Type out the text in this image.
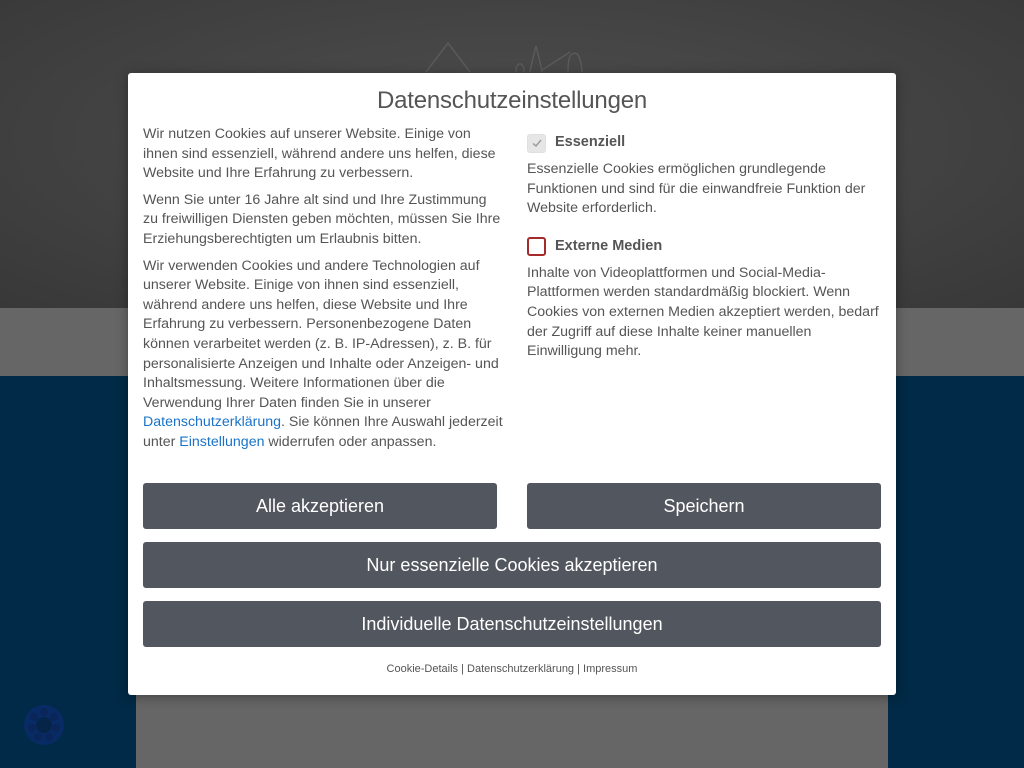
Datenschutzeinstellungen

Wir nutzen Cookies auf unserer Website. Einige von ihnen sind essenziell, während andere uns helfen, diese Website und Ihre Erfahrung zu verbessern.

Wenn Sie unter 16 Jahre alt sind und Ihre Zustimmung zu freiwilligen Diensten geben möchten, müssen Sie Ihre Erziehungsberechtigten um Erlaubnis bitten.

Wir verwenden Cookies und andere Technologien auf unserer Website. Einige von ihnen sind essenziell, während andere uns helfen, diese Website und Ihre Erfahrung zu verbessern. Personenbezogene Daten können verarbeitet werden (z. B. IP-Adressen), z. B. für personalisierte Anzeigen und Inhalte oder Anzeigen- und Inhaltsmessung. Weitere Informationen über die Verwendung Ihrer Daten finden Sie in unserer Datenschutzerklärung. Sie können Ihre Auswahl jederzeit unter Einstellungen widerrufen oder anpassen.

Essenziell
Essenzielle Cookies ermöglichen grundlegende Funktionen und sind für die einwandfreie Funktion der Website erforderlich.
Externe Medien
Inhalte von Videoplattformen und Social-Media-Plattformen werden standardmäßig blockiert. Wenn Cookies von externen Medien akzeptiert werden, bedarf der Zugriff auf diese Inhalte keiner manuellen Einwilligung mehr.
Alle akzeptieren	Speichern
Nur essenzielle Cookies akzeptieren
Individuelle Datenschutzeinstellungen
Cookie-Details | Datenschutzerklärung | Impressum
